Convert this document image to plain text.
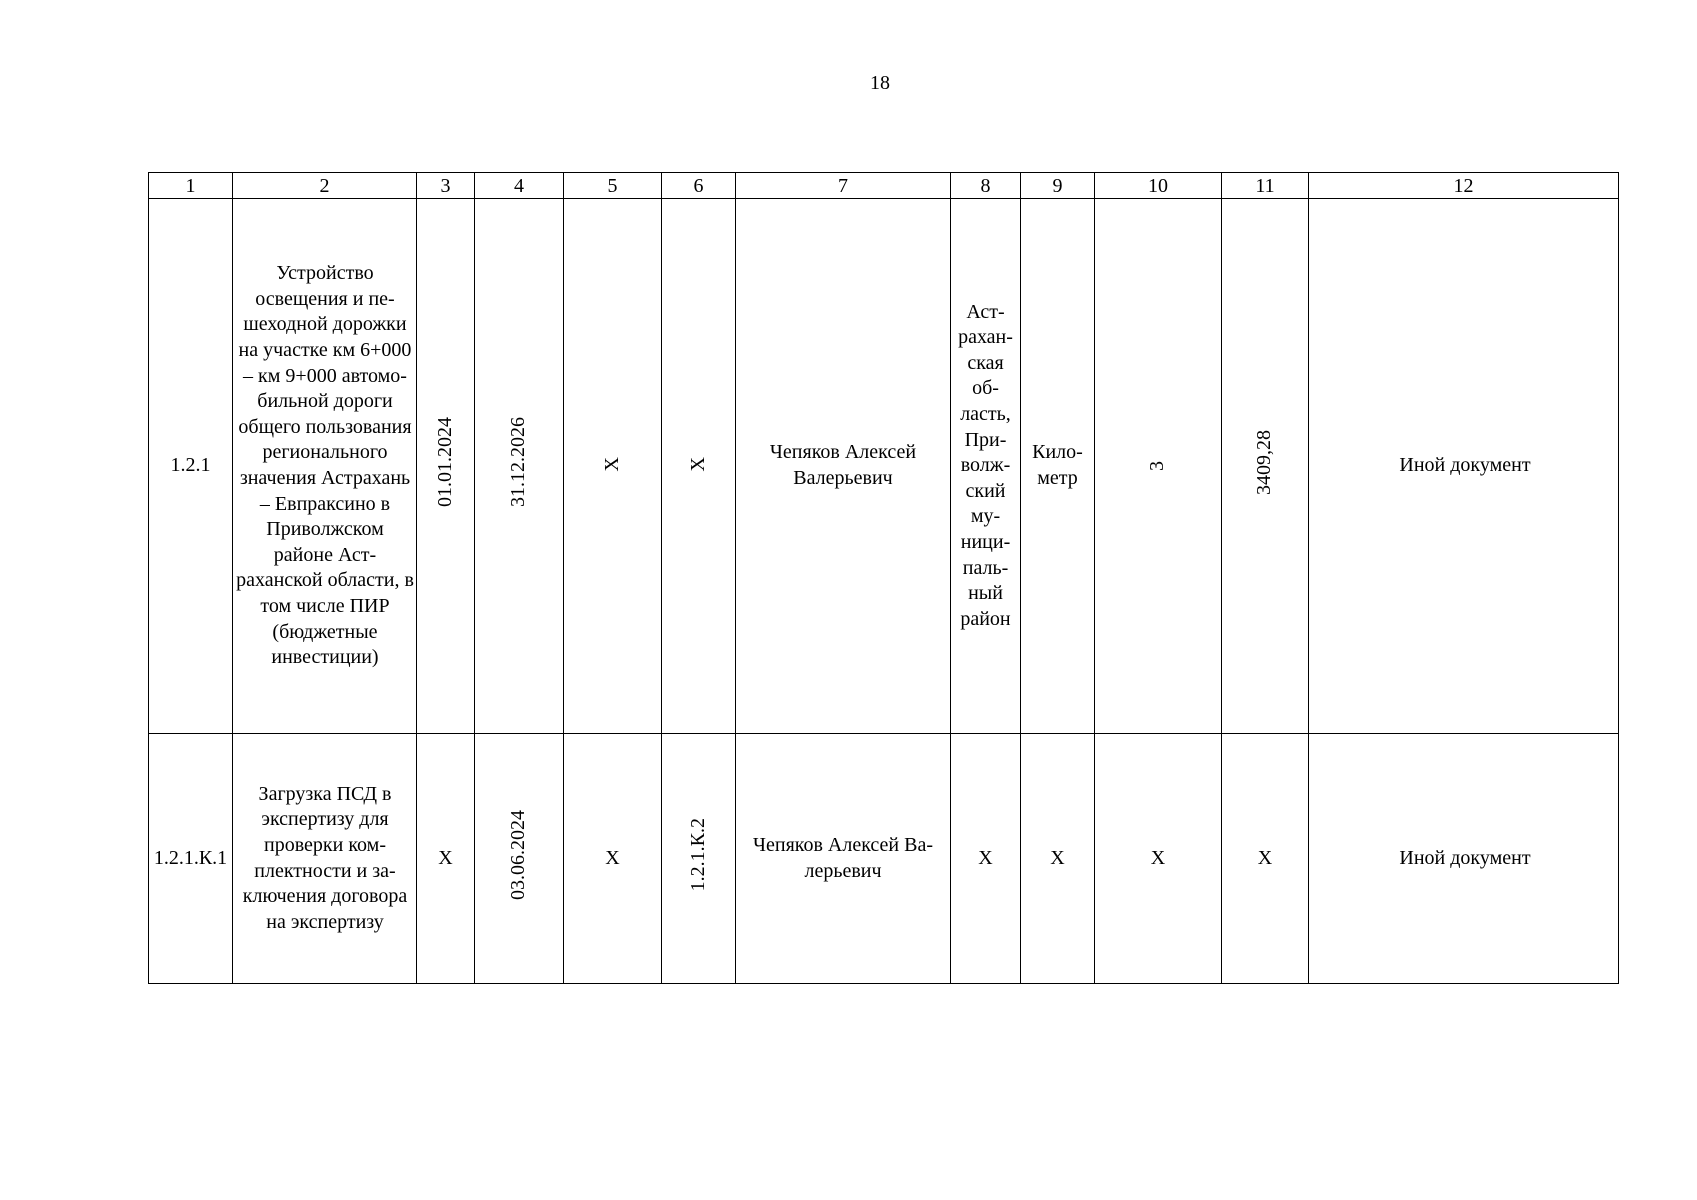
18
1	2	3	4	5	6	7	8	9	10	11	12
1.2.1	Устройство освещения и пешеходной дорожки на участке км 6+000 – км 9+000 автомобильной дороги общего пользования регионального значения Астрахань – Евпраксино в Приволжском районе Астраханской области, в том числе ПИР (бюджетные инвестиции)	01.01.2024	31.12.2026	X	X	Чепяков Алексей Валерьевич	Астраханская область, Приволжский муниципальный район	Километр	3	3409,28	Иной документ
1.2.1.К.1	Загрузка ПСД в экспертизу для проверки комплектности и заключения договора на экспертизу	X	03.06.2024	X	1.2.1.К.2	Чепяков Алексей Валерьевич	X	X	X	X	Иной документ
